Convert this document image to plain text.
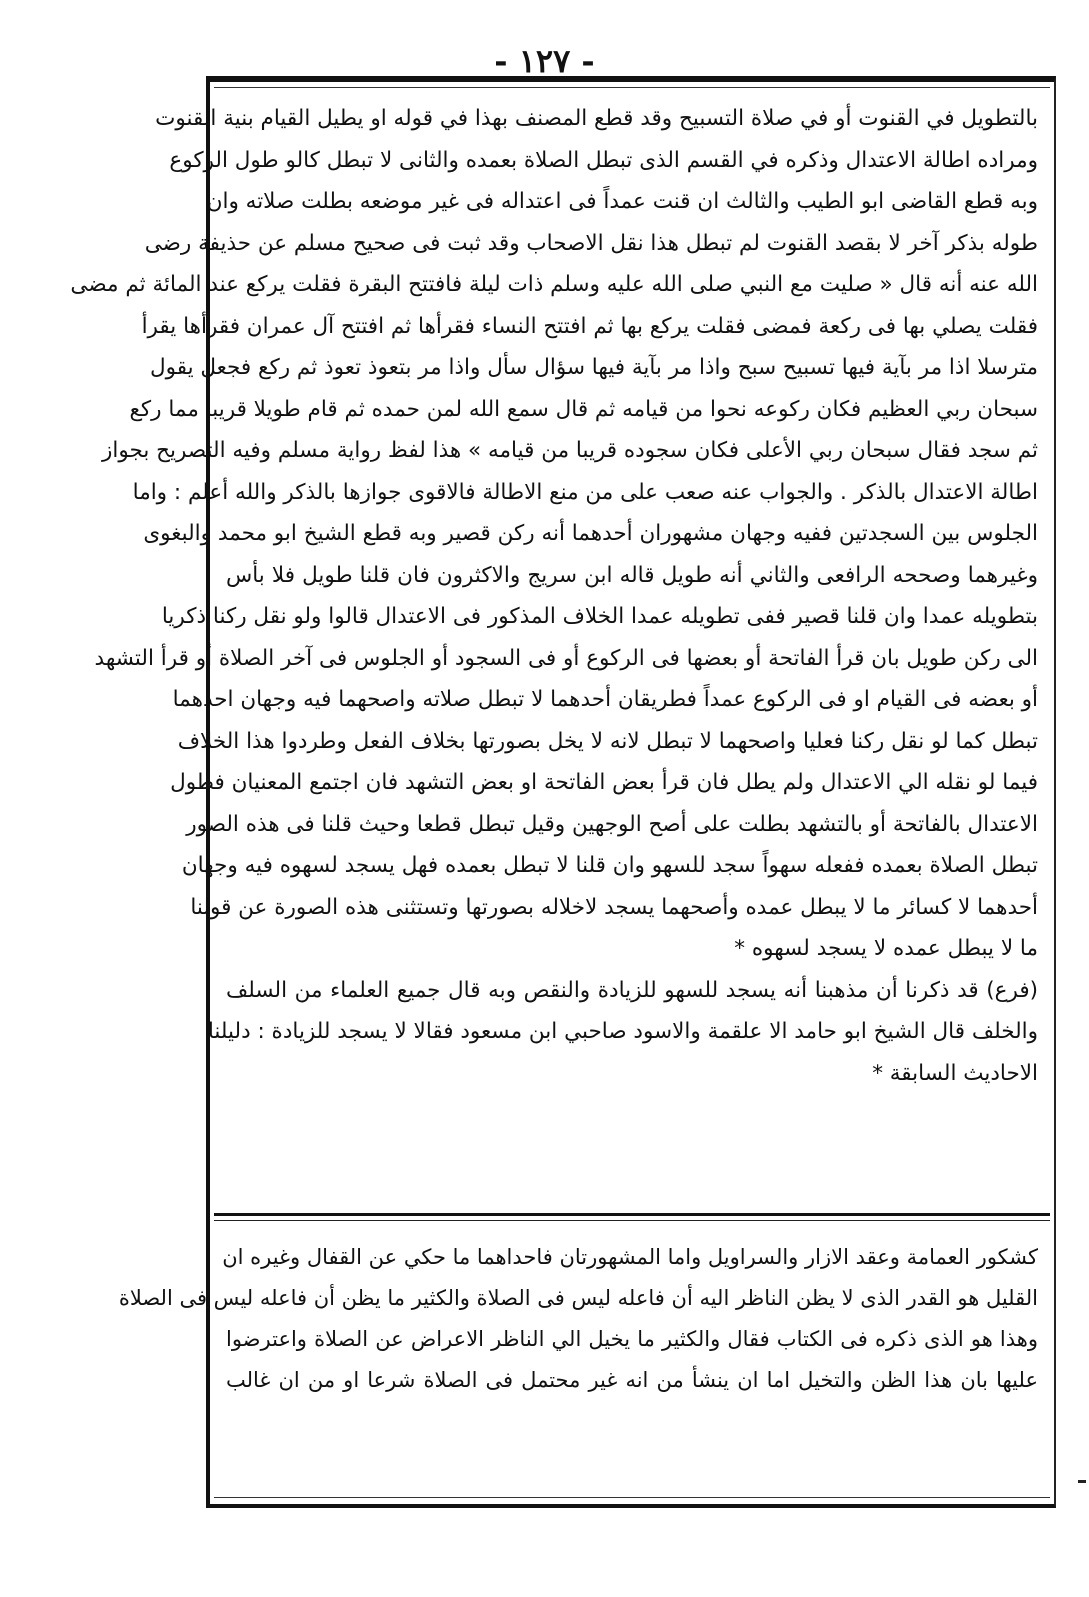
- ١٢٧ -
بالتطويل في القنوت أو في صلاة التسبيح وقد قطع المصنف بهذا في قوله او يطيل القيام بنية القنوت
ومراده اطالة الاعتدال وذكره في القسم الذى تبطل الصلاة بعمده والثانى لا تبطل كالو طول الركوع
وبه قطع القاضى ابو الطيب والثالث ان قنت عمداً فى اعتداله فى غير موضعه بطلت صلاته وان
طوله بذكر آخر لا بقصد القنوت لم تبطل هذا نقل الاصحاب وقد ثبت فى صحيح مسلم عن حذيفة رضى
الله عنه أنه قال « صليت مع النبي صلى الله عليه وسلم ذات ليلة فافتتح البقرة فقلت يركع عند المائة ثم مضى
فقلت يصلي بها فى ركعة فمضى فقلت يركع بها ثم افتتح النساء فقرأها ثم افتتح آل عمران فقرأها يقرأ
مترسلا اذا مر بآية فيها تسبيح سبح واذا مر بآية فيها سؤال سأل واذا مر بتعوذ تعوذ ثم ركع فجعل يقول
سبحان ربي العظيم فكان ركوعه نحوا من قيامه ثم قال سمع الله لمن حمده ثم قام طويلا قريبا مما ركع
ثم سجد فقال سبحان ربي الأعلى فكان سجوده قريبا من قيامه » هذا لفظ رواية مسلم وفيه التصريح بجواز
اطالة الاعتدال بالذكر . والجواب عنه صعب على من منع الاطالة فالاقوى جوازها بالذكر والله أعلم : واما
الجلوس بين السجدتين ففيه وجهان مشهوران أحدهما أنه ركن قصير وبه قطع الشيخ ابو محمد والبغوى
وغيرهما وصححه الرافعى والثاني أنه طويل قاله ابن سريج والاكثرون فان قلنا طويل فلا بأس
بتطويله عمدا وان قلنا قصير ففى تطويله عمدا الخلاف المذكور فى الاعتدال قالوا ولو نقل ركنا ذكريا
الى ركن طويل بان قرأ الفاتحة أو بعضها فى الركوع أو فى السجود أو الجلوس فى آخر الصلاة أو قرأ التشهد
أو بعضه فى القيام او فى الركوع عمداً فطريقان أحدهما لا تبطل صلاته واصحهما فيه وجهان احدهما
تبطل كما لو نقل ركنا فعليا واصحهما لا تبطل لانه لا يخل بصورتها بخلاف الفعل وطردوا هذا الخلاف
فيما لو نقله الي الاعتدال ولم يطل فان قرأ بعض الفاتحة او بعض التشهد فان اجتمع المعنيان فطول
الاعتدال بالفاتحة أو بالتشهد بطلت على أصح الوجهين وقيل تبطل قطعا وحيث قلنا فى هذه الصور
تبطل الصلاة بعمده ففعله سهواً سجد للسهو وان قلنا لا تبطل بعمده فهل يسجد لسهوه فيه وجهان
أحدهما لا كسائر ما لا يبطل عمده وأصحهما يسجد لاخلاله بصورتها وتستثنى هذه الصورة عن قولنا
ما لا يبطل عمده لا يسجد لسهوه *
(فرع) قد ذكرنا أن مذهبنا أنه يسجد للسهو للزيادة والنقص وبه قال جميع العلماء من السلف
والخلف قال الشيخ ابو حامد الا علقمة والاسود صاحبي ابن مسعود فقالا لا يسجد للزيادة : دليلنا
الاحاديث السابقة *
كشكور العمامة وعقد الازار والسراويل واما المشهورتان فاحداهما ما حكي عن القفال وغيره ان
القليل هو القدر الذى لا يظن الناظر اليه أن فاعله ليس فى الصلاة والكثير ما يظن أن فاعله ليس فى الصلاة
وهذا هو الذى ذكره فى الكتاب فقال والكثير ما يخيل الي الناظر الاعراض عن الصلاة واعترضوا
عليها بان هذا الظن والتخيل اما ان ينشأ من انه غير محتمل فى الصلاة شرعا او من ان غالب
